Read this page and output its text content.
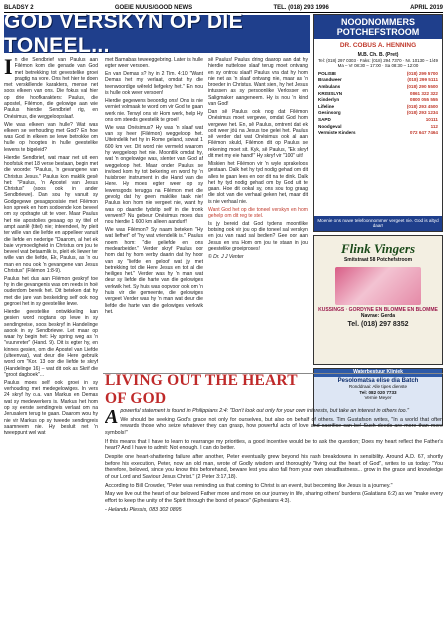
BLADSY 2	GOEIE NUUS/GOOD NEWS	TEL. (018) 293 1996	APRIL 2019
GOD VERSKYN OP DIE TONEEL...

In die Sendbrief van Paulus aan Filémon kom die genade van God met betrekking tot gevestelike groei pragtig na vore. Ons het hier te doen met verskillende karakters, mense net soos elkeen van ons. Die fokus val hier op drie hoofkarakters: Paulus, die apostel, Filémon, die gelowige aan wie Paulus hierdie Sendbrief rig, en Onésimus, die weggeloopslaaf.

Wie was elkeen van hulle? Wat was elkeen se verhouding met God? En hoe was God in elkeen se lewe betrokke om hulle op hoogtes in hulle geestelike lewens te bigeleid?

Hierdie Sendbrief, wat maar net uit een hoofstuk met 18 verse bestaan, begin met die woorde: "Paulus, 'n gevangene van Christus Jesus." Paulus kon maklik gesê het: "Paulus, 'n Apostel van Jesus Christus" (soos ook in ander Sendbriewe). Dan sou hy vanuit sy Godgegewe gesagsposisie met Filémon kon spreek en hom sodoende kon beveel om sy opdragte uit te voer. Maar Paulus het nie apostolies gesaag op sy titel of ampt aanlê (titel) nie; inteendeel, hy pleit ter wille van die liefde en appelleer vanuit die liefde en nederige "Daarom, al het ek baie vrymoedigheid in Christus om jou te beveel wat betaamlik is, pleit ek liewer ter wille van die liefde, Ek, Paulus, as 'n ou man en nou ook 'n gevangene van Jesus Christus" (Filémon 1:8-9).

Paulus het dus aan Filémon geskryf toe hy in die gevangenis was om reeds in hoë ouderdom bereik het. Dit beteken dat hy met die jare van beskeiding self ook nog gegroei het in sy geestelike lewe.

Hierdie geestelike ontwikkeling kan gesien word nogtans op lewe in sy sendingreise, soos beskryf in Handelinge asook in sy Sendbriewe. Let maar op waar hy begin het: Hy spring weg as 'n "vuurvreter" (Hand. 9). Dit is egter hy, en kinnes gesien, om die Apostel van Liefde (ulteenvas), wat deur die Here gebruik word om "Kor. 13 oor die liefde te skryf (Handelinge 16) – wat dit ook as Skrif die "groot dagboek"...

Paulus moes self ook groei in sy verhouding met medegelowiges. In vers 24 skryf hy o.a. van Markus en Demas wat sy medewerkers is. Markus het hom op sy eerste sendingreis verlaat om na Jerusalem terug te gaan. Daarom wou hy nie vir Markus op sy tweede sendingreis saamneem nie. Hy besluit net 'n tweeppunt wel wat

met Barnabas teweeggebring. Later is hulle egter weer versoen.

En van Demas s? hy in 2 Tim. 4:10 "Want Demas het my verlaat, omdat hy die teenwoordige wêreld liefgekry het." En nou is hulle ook weer versoen!

Hierdie gegewens beoordig ons! Ons is nie verniet volmaak te word om vir God te gaan werk nie. Terwyl ons vir Hom werk, help Hy ons om steeds geestelik te groei!

Wie was Onésimus? Hy was 'n slaaf wat van sy heer (Filémon) weggeloop het. Uiteindelik het hy in Rome geland, sowat 1 600 km ver. Dit word nie vermeld waarom hy weggeloop het nie. Moontlik omdat hy, wat 'n ongelowige was, slenter van God af weggeloop het. Maar onder Paulus se invloed kom hy tot bekering en word hy 'n huisbroer instrument in die Hand van die Here. Hy moes egter weer op sy lewensgods terugga na Filémon met die gevolg dat hy geen maklike taak nie! Paulus kon hom nie vergeet nie, want hy was op daardie tydstip self in die tronk verwent? Nu gebeur Onésimus moes dus nou hierdie 1 600 km alleen aandurf!

Wie was Filémon? Sy naam beteken "Hy wat liefhet" of "hy wat vriendelik is." Paulus noem hom: "die geliefde en ons medearbeider." Verder skryf Paulus oor hom dat hy hom verby daarin dat hy hoor van sy "liefde en geloof wat jy met betrekking tot die Here Jesus en tot al die heiliges het." Verder was hy 'n man wat deur sy liefde die harte van die gelowiges verkwik het. Sy huis was oopvoor ook om 'n huis vir die gemeente, die gelowiges vergeet Verder was hy 'n man wat deur die liefde die harte van die gelowiges verkwik het.

sê Paulus! Paulus dring daarop aan dat hy hierdie nuttelose slaaf terug moet ontvang en sy ontrou slaaf! Paulus vra dat hy hom nie net as 'n slaaf ontvang nie, maar as 'n broeder in Christus. Want sien, hy het Jesus intussen as sy persoonlike Verlosser en Saligmaker aangeneem. Hy is nou 'n kind van God!

Dan sê Paulus ook nog dat Filémon Onésimus moet vergewe, omdat God hom vergewe het. En, sê Paulus, omtrent dat ek ooit weer jóú na Jesus toe gelei het. Paulus sê verder dat wat Onésimus ook al aan Filémon skuld, Filémon dit op Paulus se rekening moet sit. Kyk, sê Paulus, "Ek skryf dit met my eie hand!" Hy skryf vir "100" uit!

Miskien het Filémon vir 'n wyle sprakeloos gestaan. Dalk het hy tyd nodig gehad om dit alles te gaan lees en oor dit na te dink. Dalk het hy tyd nodig gehad om by God uit te gaan. Hoe dit ookal sy, ons sou tog graag die slot van die verhaal geken het, maar dit is nie verhaal nie.

Want God het op die toneel verskyn en hom gehelp om dit reg te stel.

Is jy bereid dat God tydens moontlike botsing ook vir jou op die toneel sal verskyn en jou van raad sal bedien? Gee oor aan Jesus en vra Hom om jou te staan in jou geestelike groeiproses!

© Dr. J J Venter

NOODNOMMERS POTCHEFSTROOM
DR. COBUS A. HENNING
M.B. Ch. B. (Pret)
Tel: (018) 297 0303 · Faks: (018) 294 7370 · Nr. 10130 – 1/49
Ma – Vr 08:30 – 17:00 · Sa 08:30 – 12:00
POLISIE	(018) 299 5700
Brandweer	(018) 299 5111
Ambulans	(018) 290 5500
KRISISLYN	0861 322 322
Kinderlyn	0800 055 555
Lifeline	(018) 293 4500
Gesinsorg	(018) 293 1234
SAPD	10111
Noodgeval	112
Vermiste Kinders	072 647 7464
Moenie ons nuwe telefoonnommer vergeet nie. God is altyd daar!
Flink Vingers
Smitstraat 58 Potchefstroom
KUSSINGS · GORDYNE EN BLOMME EN BLOMME
Navrae: Gerda
Tel. (018) 297 8352
Waterbestuur Kliniek
Pesolomatsa elise dia Batch
Ronddraai: Alle tipes dienste
Tel: 082 020 7733
Vernie Meyer
LIVING OUT THE HEART OF GOD

Apowerful statement is found in Philippians 2:4: "Don't look out only for your own interests, but take an interest in others too."

We should be seeking God's grace not only for ourselves, but also on behalf of others. Tim Gustafson writes, "In a world that often rewards those who seize whatever they can grasp, how powerful acts of love and sacrifice can be! Such deeds are more than mere symbols!"

If this means that I have to learn to rearrange my priorities, a good incentive would be to ask the question; Does my heart reflect the Father's heart? And I have to admit: Not enough. I can do better.

Despite one heart-shattering failure after another, Peter eventually grew beyond his rash breakdowns in sensibility. Around A.D. 67, shortly before his execution, Peter, now an old man, wrote of Godly wisdom and thoroughly "living out the heart of God", writes to us today: "You therefore, beloved, since you know this beforehand, beware lest you also fall from your own steadfastness... grow in the grace and knowledge of our Lord and Saviour Jesus Christ." (2 Peter 3:17,18).

According to Bill Crowder, "Peter was reminding us that coming to Christ is an event, but becoming like Jesus is a journey."

May we live out the heart of our beloved Father more and more on our journey in life, sharing others' burdens (Galatians 6:2) as we "make every effort to keep the unity of the Spirit through the bond of peace" (Ephesians 4:3).

- Helandu Plessis, 083 302 0895
